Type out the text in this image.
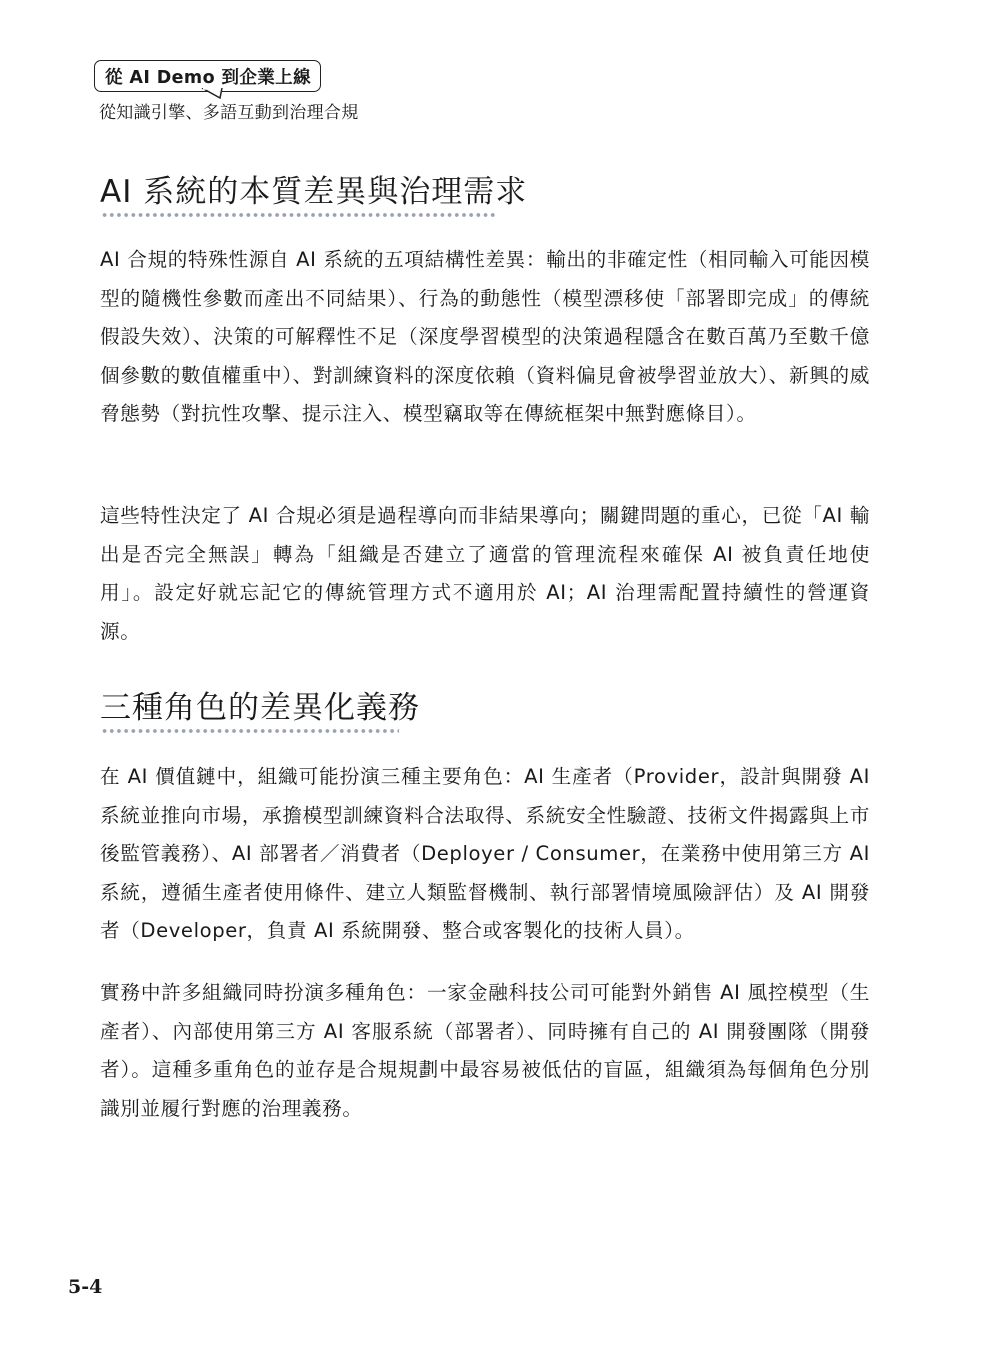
從 AI Demo 到企業上線
從知識引擎、多語互動到治理合規
AI 系統的本質差異與治理需求

AI 合規的特殊性源自 AI 系統的五項結構性差異：輸出的非確定性（相同輸入可能因模型的隨機性參數而產出不同結果）、行為的動態性（模型漂移使「部署即完成」的傳統假設失效）、決策的可解釋性不足（深度學習模型的決策過程隱含在數百萬乃至數千億個參數的數值權重中）、對訓練資料的深度依賴（資料偏見會被學習並放大）、新興的威脅態勢（對抗性攻擊、提示注入、模型竊取等在傳統框架中無對應條目）。

這些特性決定了 AI 合規必須是過程導向而非結果導向；關鍵問題的重心，已從「AI 輸出是否完全無誤」轉為「組織是否建立了適當的管理流程來確保 AI 被負責任地使用」。設定好就忘記它的傳統管理方式不適用於 AI；AI 治理需配置持續性的營運資源。

三種角色的差異化義務

在 AI 價值鏈中，組織可能扮演三種主要角色：AI 生產者（Provider，設計與開發 AI 系統並推向市場，承擔模型訓練資料合法取得、系統安全性驗證、技術文件揭露與上市後監管義務）、AI 部署者／消費者（Deployer / Consumer，在業務中使用第三方 AI 系統，遵循生產者使用條件、建立人類監督機制、執行部署情境風險評估）及 AI 開發者（Developer，負責 AI 系統開發、整合或客製化的技術人員）。

實務中許多組織同時扮演多種角色：一家金融科技公司可能對外銷售 AI 風控模型（生產者）、內部使用第三方 AI 客服系統（部署者）、同時擁有自己的 AI 開發團隊（開發者）。這種多重角色的並存是合規規劃中最容易被低估的盲區，組織須為每個角色分別識別並履行對應的治理義務。

5-4
